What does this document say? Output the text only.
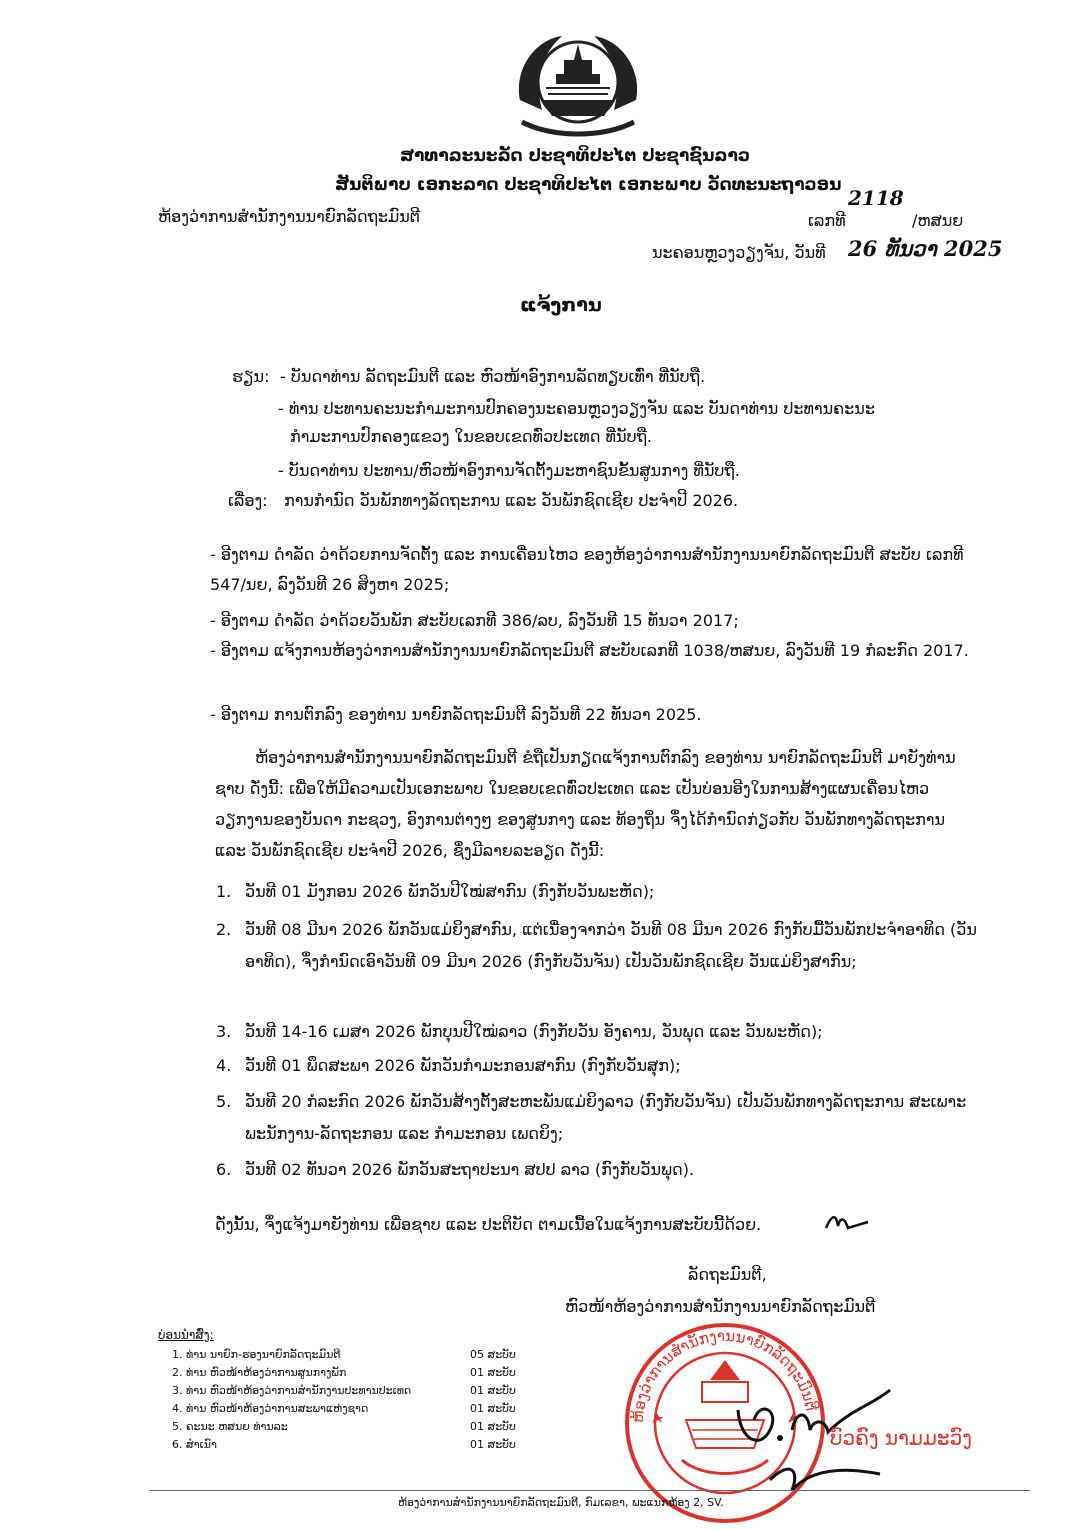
ສາທາລະນະລັດ ປະຊາທິປະໄຕ ປະຊາຊົນລາວ
ສັນຕິພາບ ເອກະລາດ ປະຊາທິປະໄຕ ເອກະພາບ ວັດທະນະຖາວອນ
ຫ້ອງວ່າການສຳນັກງານນາຍົກລັດຖະມົນຕີ	ເລກທີ
2118
/ຫສນຍ
ນະຄອນຫຼວງວຽງຈັນ, ວັນທີ 26 ທັນວາ 2025
ແຈ້ງການ
ຮຽນ: - ບັນດາທ່ານ ລັດຖະມົນຕີ ແລະ ຫົວໜ້າອົງການລັດທຽບເທົ່າ ທີ່ນັບຖື.
- ທ່ານ ປະທານຄະນະກຳມະການປົກຄອງນະຄອນຫຼວງວຽງຈັນ ແລະ ບັນດາທ່ານ ປະທານຄະນະ
ກຳມະການປົກຄອງແຂວງ ໃນຂອບເຂດທົ່ວປະເທດ ທີ່ນັບຖື.
- ບັນດາທ່ານ ປະທານ/ຫົວໜ້າອົງການຈັດຕັ້ງມະຫາຊົນຂັ້ນສູນກາງ ທີ່ນັບຖື.
ເລື່ອງ: ການກຳນົດ ວັນພັກທາງລັດຖະການ ແລະ ວັນພັກຊົດເຊີຍ ປະຈຳປີ 2026.
- ອີງຕາມ ດຳລັດ ວ່າດ້ວຍການຈັດຕັ້ງ ແລະ ການເຄື່ອນໄຫວ ຂອງຫ້ອງວ່າການສຳນັກງານນາຍົກລັດຖະມົນຕີ ສະບັບ ເລກທີ 547/ນຍ, ລົງວັນທີ 26 ສິງຫາ 2025;
- ອີງຕາມ ດຳລັດ ວ່າດ້ວຍວັນພັກ ສະບັບເລກທີ 386/ລບ, ລົງວັນທີ 15 ທັນວາ 2017;
- ອີງຕາມ ແຈ້ງການຫ້ອງວ່າການສຳນັກງານນາຍົກລັດຖະມົນຕີ ສະບັບເລກທີ 1038/ຫສນຍ, ລົງວັນທີ 19 ກໍລະກົດ 2017.
- ອີງຕາມ ການຕົກລົງ ຂອງທ່ານ ນາຍົກລັດຖະມົນຕີ ລົງວັນທີ 22 ທັນວາ 2025.
ຫ້ອງວ່າການສຳນັກງານນາຍົກລັດຖະມົນຕີ ຂໍຖືເປັນກຽດແຈ້ງການຕົກລົງ ຂອງທ່ານ ນາຍົກລັດຖະມົນຕີ ມາຍັງທ່ານຊາບ ດັ່ງນີ້: ເພື່ອໃຫ້ມີຄວາມເປັນເອກະພາບ ໃນຂອບເຂດທົ່ວປະເທດ ແລະ ເປັນບ່ອນອີງໃນການສ້າງແຜນເຄື່ອນໄຫວວຽກງານຂອງບັນດາ ກະຊວງ, ອົງການຕ່າງໆ ຂອງສູນກາງ ແລະ ທ້ອງຖິ່ນ ຈຶ່ງໄດ້ກຳນົດກ່ຽວກັບ ວັນພັກທາງລັດຖະການ ແລະ ວັນພັກຊົດເຊີຍ ປະຈຳປີ 2026, ຊຶ່ງມີລາຍລະອຽດ ດັ່ງນີ້:
1. ວັນທີ 01 ມັງກອນ 2026 ພັກວັນປີໃໝ່ສາກົນ (ກົງກັບວັນພະຫັດ);
2. ວັນທີ 08 ມີນາ 2026 ພັກວັນແມ່ຍິງສາກົນ, ແຕ່ເນື່ອງຈາກວ່າ ວັນທີ 08 ມີນາ 2026 ກົງກັບມື້ວັນພັກປະຈຳອາທິດ (ວັນອາທິດ), ຈຶ່ງກຳນົດເອົາວັນທີ 09 ມີນາ 2026 (ກົງກັບວັນຈັນ) ເປັນວັນພັກຊົດເຊີຍ ວັນແມ່ຍິງສາກົນ;
3. ວັນທີ 14-16 ເມສາ 2026 ພັກບຸນປີໃໝ່ລາວ (ກົງກັບວັນ ອັງຄານ, ວັນພຸດ ແລະ ວັນພະຫັດ);
4. ວັນທີ 01 ພຶດສະພາ 2026 ພັກວັນກຳມະກອນສາກົນ (ກົງກັບວັນສຸກ);
5. ວັນທີ 20 ກໍລະກົດ 2026 ພັກວັນສ້າງຕັ້ງສະຫະພັນແມ່ຍິງລາວ (ກົງກັບວັນຈັນ) ເປັນວັນພັກທາງລັດຖະການ ສະເພາະພະນັກງານ-ລັດຖະກອນ ແລະ ກຳມະກອນ ເພດຍິງ;
6. ວັນທີ 02 ທັນວາ 2026 ພັກວັນສະຖາປະນາ ສປປ ລາວ (ກົງກັບວັນພຸດ).
ດັ່ງນັ້ນ, ຈຶ່ງແຈ້ງມາຍັງທ່ານ ເພື່ອຊາບ ແລະ ປະຕິບັດ ຕາມເນື້ອໃນແຈ້ງການສະບັບນີ້ດ້ວຍ.
ລັດຖະມົນຕີ,
ຫົວໜ້າຫ້ອງວ່າການສຳນັກງານນາຍົກລັດຖະມົນຕີ
ຫ້ອງວ່າການສຳນັກງານນາຍົກລັດຖະມົນຕີ
ບົວຄົງ ນາມມະວົງ
ບ່ອນນຳສົ່ງ:
1. ທ່ານ ນາຍົກ-ຮອງນາຍົກລັດຖະມົນຕີ	05 ສະບັບ
2. ທ່ານ ຫົວໜ້າຫ້ອງວ່າການສູນກາງພັກ	01 ສະບັບ
3. ທ່ານ ຫົວໜ້າຫ້ອງວ່າການສຳນັກງານປະທານປະເທດ	01 ສະບັບ
4. ທ່ານ ຫົວໜ້າຫ້ອງວ່າການສະພາແຫ່ງຊາດ	01 ສະບັບ
5. ຄະນະ ຫສນຍ ທ່ານລະ	01 ສະບັບ
6. ສຳເນົາ	01 ສະບັບ
ຫ້ອງວ່າການສຳນັກງານນາຍົກລັດຖະມົນຕີ, ກົມເລຂາ, ພະແນກຫ້ອງ 2, SV.
